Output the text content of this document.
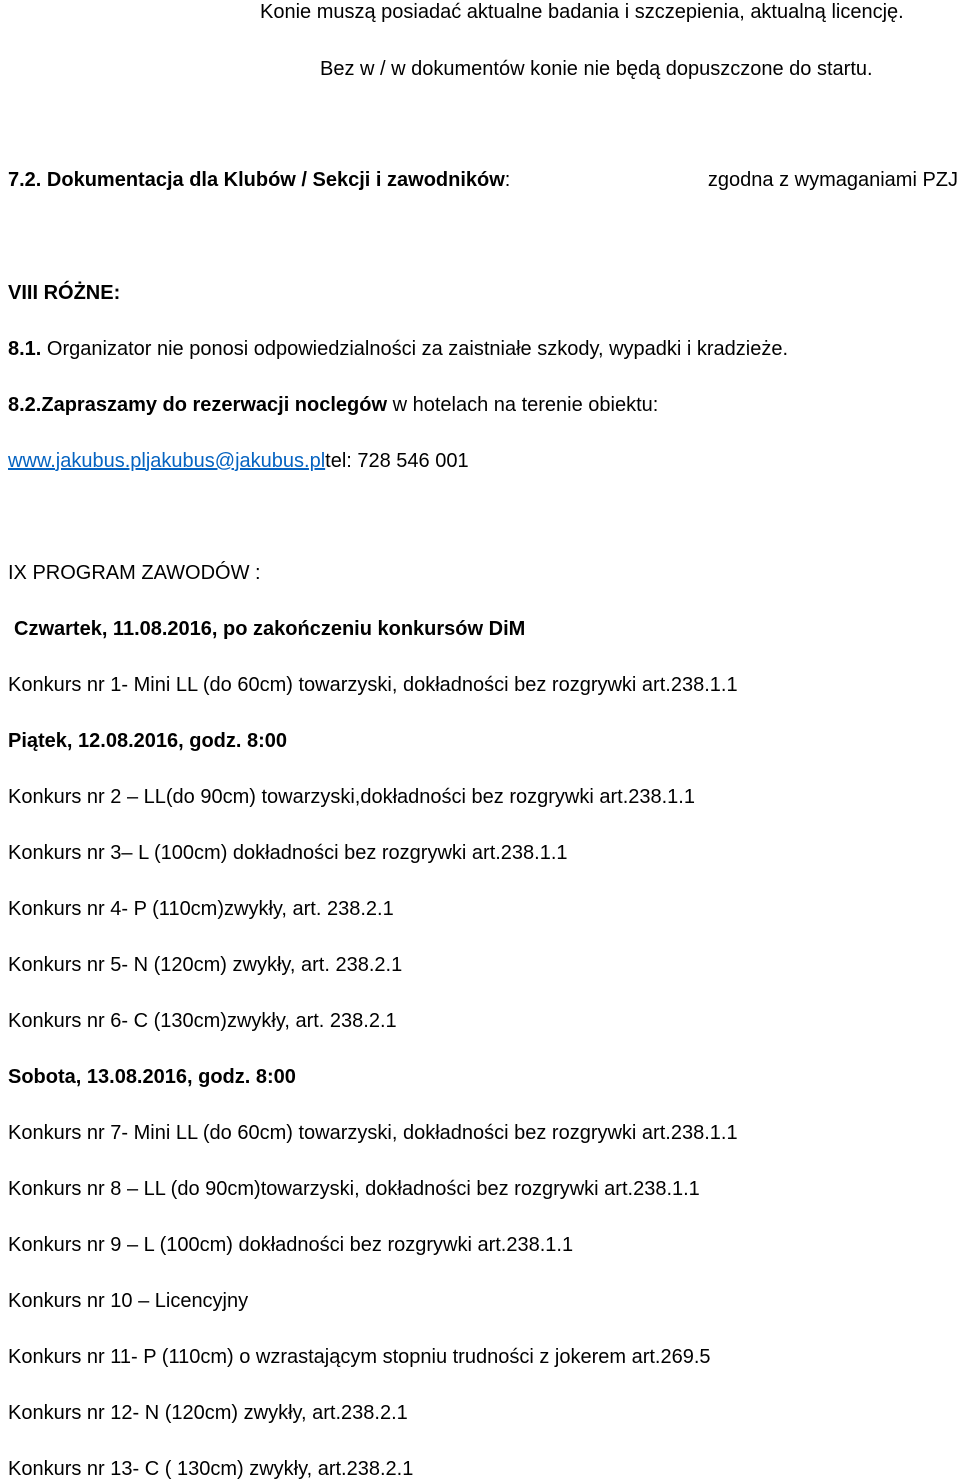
Konie muszą posiadać aktualne badania i szczepienia, aktualną licencję.
Bez w / w dokumentów konie nie będą dopuszczone do startu.
7.2. Dokumentacja dla Klubów / Sekcji i zawodników:	zgodna z wymaganiami PZJ
VIII RÓŻNE:
8.1. Organizator nie ponosi odpowiedzialności za zaistniałe szkody, wypadki i kradzieże.
8.2.Zapraszamy do rezerwacji noclegów w hotelach na terenie obiektu:
www.jakubus.pljakubus@jakubus.pltel: 728 546 001
IX PROGRAM ZAWODÓW :
Czwartek, 11.08.2016, po zakończeniu konkursów DiM
Konkurs nr 1- Mini LL (do 60cm) towarzyski, dokładności bez rozgrywki art.238.1.1
Piątek, 12.08.2016, godz. 8:00
Konkurs nr 2 – LL(do 90cm) towarzyski,dokładności bez rozgrywki art.238.1.1
Konkurs nr 3– L (100cm) dokładności bez rozgrywki art.238.1.1
Konkurs nr 4- P (110cm)zwykły, art. 238.2.1
Konkurs nr 5- N (120cm) zwykły, art. 238.2.1
Konkurs nr 6- C (130cm)zwykły, art. 238.2.1
Sobota, 13.08.2016, godz. 8:00
Konkurs nr 7- Mini LL (do 60cm) towarzyski, dokładności bez rozgrywki art.238.1.1
Konkurs nr 8 – LL (do 90cm)towarzyski, dokładności bez rozgrywki art.238.1.1
Konkurs nr 9 – L (100cm) dokładności bez rozgrywki art.238.1.1
Konkurs nr 10 – Licencyjny
Konkurs nr 11- P (110cm) o wzrastającym stopniu trudności z jokerem art.269.5
Konkurs nr 12- N (120cm) zwykły, art.238.2.1
Konkurs nr 13- C ( 130cm) zwykły, art.238.2.1
